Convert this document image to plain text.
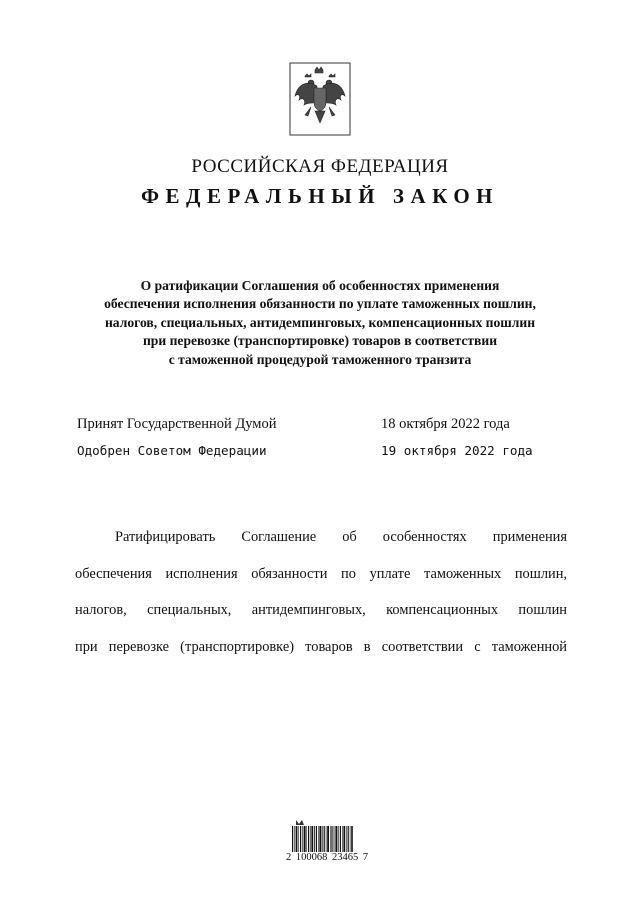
РОССИЙСКАЯ ФЕДЕРАЦИЯ
ФЕДЕРАЛЬНЫЙ ЗАКОН
О ратификации Соглашения об особенностях применения
обеспечения исполнения обязанности по уплате таможенных пошлин,
налогов, специальных, антидемпинговых, компенсационных пошлин
при перевозке (транспортировке) товаров в соответствии
с таможенной процедурой таможенного транзита
Принят Государственной Думой	18 октября 2022 года
Одобрен Советом Федерации	19 октября 2022 года
Ратифицировать Соглашение об особенностях применения
обеспечения исполнения обязанности по уплате таможенных пошлин,
налогов, специальных, антидемпинговых, компенсационных пошлин
при перевозке (транспортировке) товаров в соответствии с таможенной
2 100068 23465 7
